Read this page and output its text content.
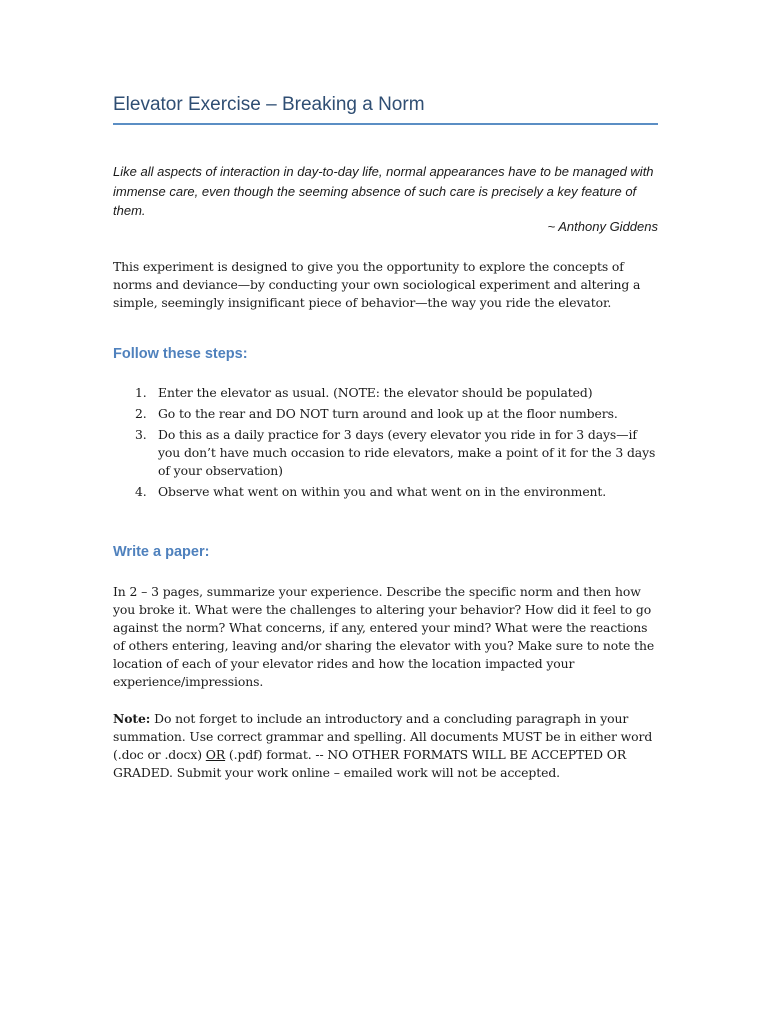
Elevator Exercise – Breaking a Norm

Like all aspects of interaction in day-to-day life, normal appearances have to be managed with immense care, even though the seeming absence of such care is precisely a key feature of them.

~ Anthony Giddens

This experiment is designed to give you the opportunity to explore the concepts of norms and deviance—by conducting your own sociological experiment and altering a simple, seemingly insignificant piece of behavior—the way you ride the elevator.

Follow these steps:
1. Enter the elevator as usual. (NOTE: the elevator should be populated)
2. Go to the rear and DO NOT turn around and look up at the floor numbers.
3. Do this as a daily practice for 3 days (every elevator you ride in for 3 days—if you don’t have much occasion to ride elevators, make a point of it for the 3 days of your observation)
4. Observe what went on within you and what went on in the environment.
Write a paper:

In 2 – 3 pages, summarize your experience. Describe the specific norm and then how you broke it. What were the challenges to altering your behavior? How did it feel to go against the norm? What concerns, if any, entered your mind? What were the reactions of others entering, leaving and/or sharing the elevator with you? Make sure to note the location of each of your elevator rides and how the location impacted your experience/impressions.

Note: Do not forget to include an introductory and a concluding paragraph in your summation. Use correct grammar and spelling. All documents MUST be in either word (.doc or .docx) OR (.pdf) format. -- NO OTHER FORMATS WILL BE ACCEPTED OR GRADED. Submit your work online – emailed work will not be accepted.
